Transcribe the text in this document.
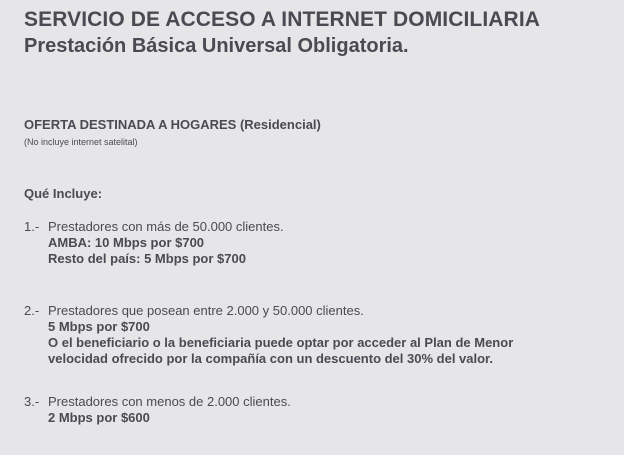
SERVICIO DE ACCESO A INTERNET DOMICILIARIA
Prestación Básica Universal Obligatoria.
OFERTA DESTINADA A HOGARES (Residencial)
(No incluye internet satelital)
Qué Incluye:
1.- Prestadores con más de 50.000 clientes.
AMBA: 10 Mbps por $700
Resto del país: 5 Mbps por $700
2.- Prestadores que posean entre 2.000 y 50.000 clientes.
5 Mbps por $700
O el beneficiario o la beneficiaria puede optar por acceder al Plan de Menor
velocidad ofrecido por la compañía con un descuento del 30% del valor.
3.- Prestadores con menos de 2.000 clientes.
2 Mbps por $600
